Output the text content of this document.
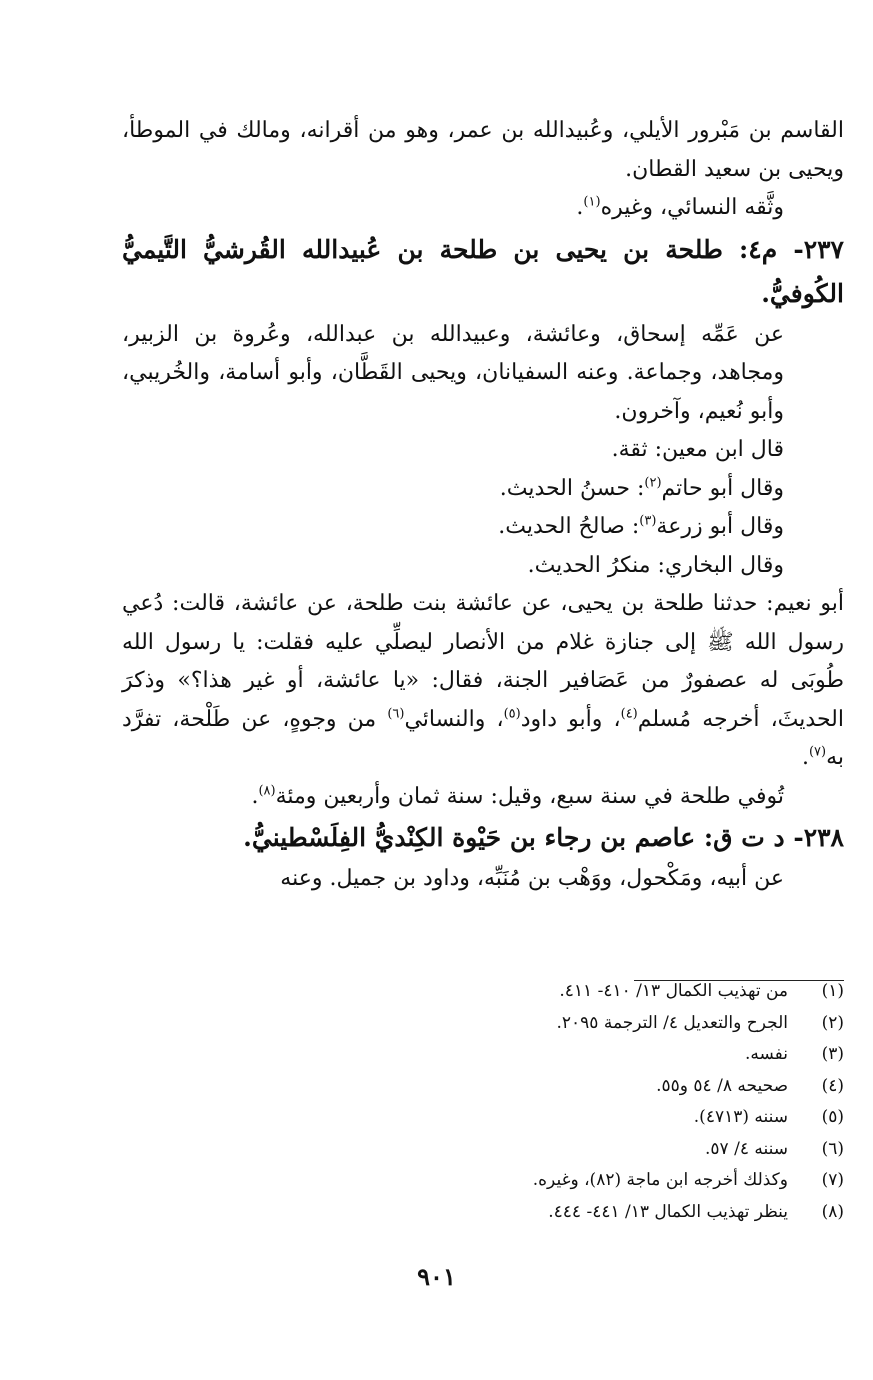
القاسم بن مَبْرور الأيلي، وعُبيدالله بن عمر، وهو من أقرانه، ومالك في الموطأ، ويحيى بن سعيد القطان.

وثَّقه النسائي، وغيره$^{(١)}$.

٢٣٧- م٤: طلحة بن يحيى بن طلحة بن عُبيدالله القُرشيُّ التَّيميُّ الكُوفيُّ.

عن عَمِّه إسحاق، وعائشة، وعبيدالله بن عبدالله، وعُروة بن الزبير، ومجاهد، وجماعة. وعنه السفيانان، ويحيى القَطَّان، وأبو أسامة، والخُريبي، وأبو نُعيم، وآخرون.

قال ابن معين: ثقة.

وقال أبو حاتم$^{(٢)}$: حسنُ الحديث.

وقال أبو زرعة$^{(٣)}$: صالحُ الحديث.

وقال البخاري: منكرُ الحديث.

أبو نعيم: حدثنا طلحة بن يحيى، عن عائشة بنت طلحة، عن عائشة، قالت: دُعي رسول الله ﷺ إلى جنازة غلام من الأنصار ليصلِّي عليه فقلت: يا رسول الله طُوبَى له عصفورٌ من عَصَافير الجنة، فقال: «يا عائشة، أو غير هذا؟» وذكرَ الحديثَ، أخرجه مُسلم$^{(٤)}$، وأبو داود$^{(٥)}$، والنسائي$^{(٦)}$ من وجوهٍ، عن طَلْحة، تفرَّد به$^{(٧)}$.

تُوفي طلحة في سنة سبع، وقيل: سنة ثمان وأربعين ومئة$^{(٨)}$.

٢٣٨- د ت ق: عاصم بن رجاء بن حَيْوة الكِنْديُّ الفِلَسْطينيُّ.

عن أبيه، ومَكْحول، ووَهْب بن مُنَبِّه، وداود بن جميل. وعنه

(١)
من تهذيب الكمال ١٣/ ٤١٠- ٤١١.
(٢)
الجرح والتعديل ٤/ الترجمة ٢٠٩٥.
(٣)
نفسه.
(٤)
صحيحه ٨/ ٥٤ و٥٥.
(٥)
سننه (٤٧١٣).
(٦)
سننه ٤/ ٥٧.
(٧)
وكذلك أخرجه ابن ماجة (٨٢)، وغيره.
(٨)
ينظر تهذيب الكمال ١٣/ ٤٤١- ٤٤٤.
٩٠١
